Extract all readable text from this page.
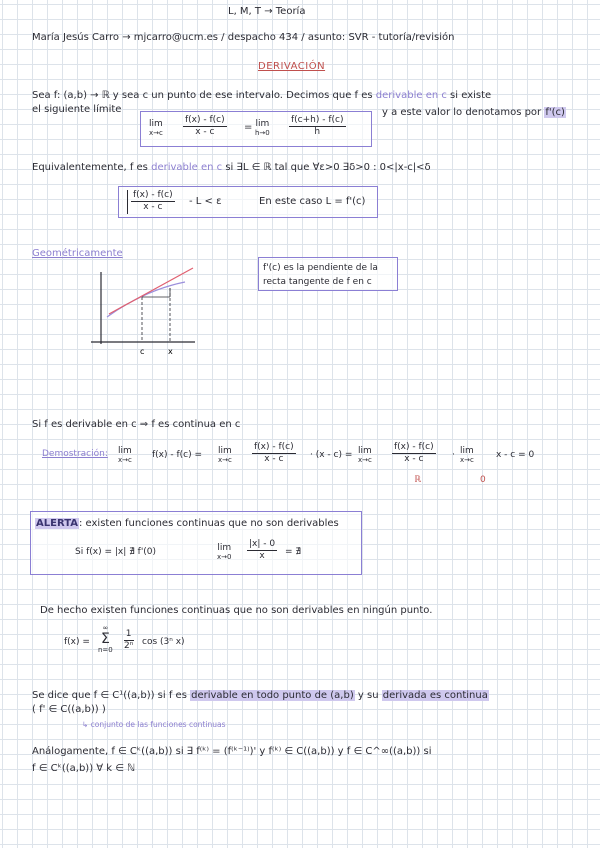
L, M, T → Teoría
María Jesús Carro → mjcarro@ucm.es / despacho 434 / asunto: SVR - tutoría/revisión
DERIVACIÓN
Sea f: (a,b) → ℝ y sea c un punto de ese intervalo. Decimos que f es derivable en c si existe
el siguiente límite
lim
$x\to c \frac{f(x) - f(c)}{x - c} = \lim$
$h\to 0 \frac{f(c+h) - f(c)}{h}$
y a este valor lo denotamos por f'(c)
Equivalentemente, f es derivable en c si ∃L ∈ ℝ tal que ∀ε>0 ∃δ>0 : 0<|x-c|<δ
$\frac{f(x) - f(c)}{x - c} - L < \varepsilon$	En este caso L = f'(c)
Geométricamente
f'(c) es la pendiente de la
recta tangente de f en c
c	x
Si f es derivable en c ⇒ f es continua en c
Demostración: lim
x→c f(x) - f(c) = lim
$x\to c \frac{f(x) - f(c)}{x - c} \cdot (x - c) = \lim$
$x\to c \frac{f(x) - f(c)}{x - c} \cdot \lim$
x→c x - c = 0
ℝ	0
ALERTA: existen funciones continuas que no son derivables
Si f(x) = |x| ∄ f'(0)	lim
$x\to 0 \frac{|x| - 0}{x}$ = ∄
De hecho existen funciones continuas que no son derivables en ningún punto.
f(x) =
∞
Σ
$n=0 \frac{1}{\text{2ⁿ}}$ cos (3ⁿ x)
Se dice que f ∈ C¹((a,b)) si f es derivable en todo punto de (a,b) y su derivada es continua
( f' ∈ C((a,b)) )
↳ conjunto de las funciones continuas
Análogamente, f ∈ Cᵏ((a,b)) si ∃ f⁽ᵏ⁾ = (f⁽ᵏ⁻¹⁾)' y f⁽ᵏ⁾ ∈ C((a,b)) y f ∈ C^∞((a,b)) si
f ∈ Cᵏ((a,b)) ∀ k ∈ ℕ
